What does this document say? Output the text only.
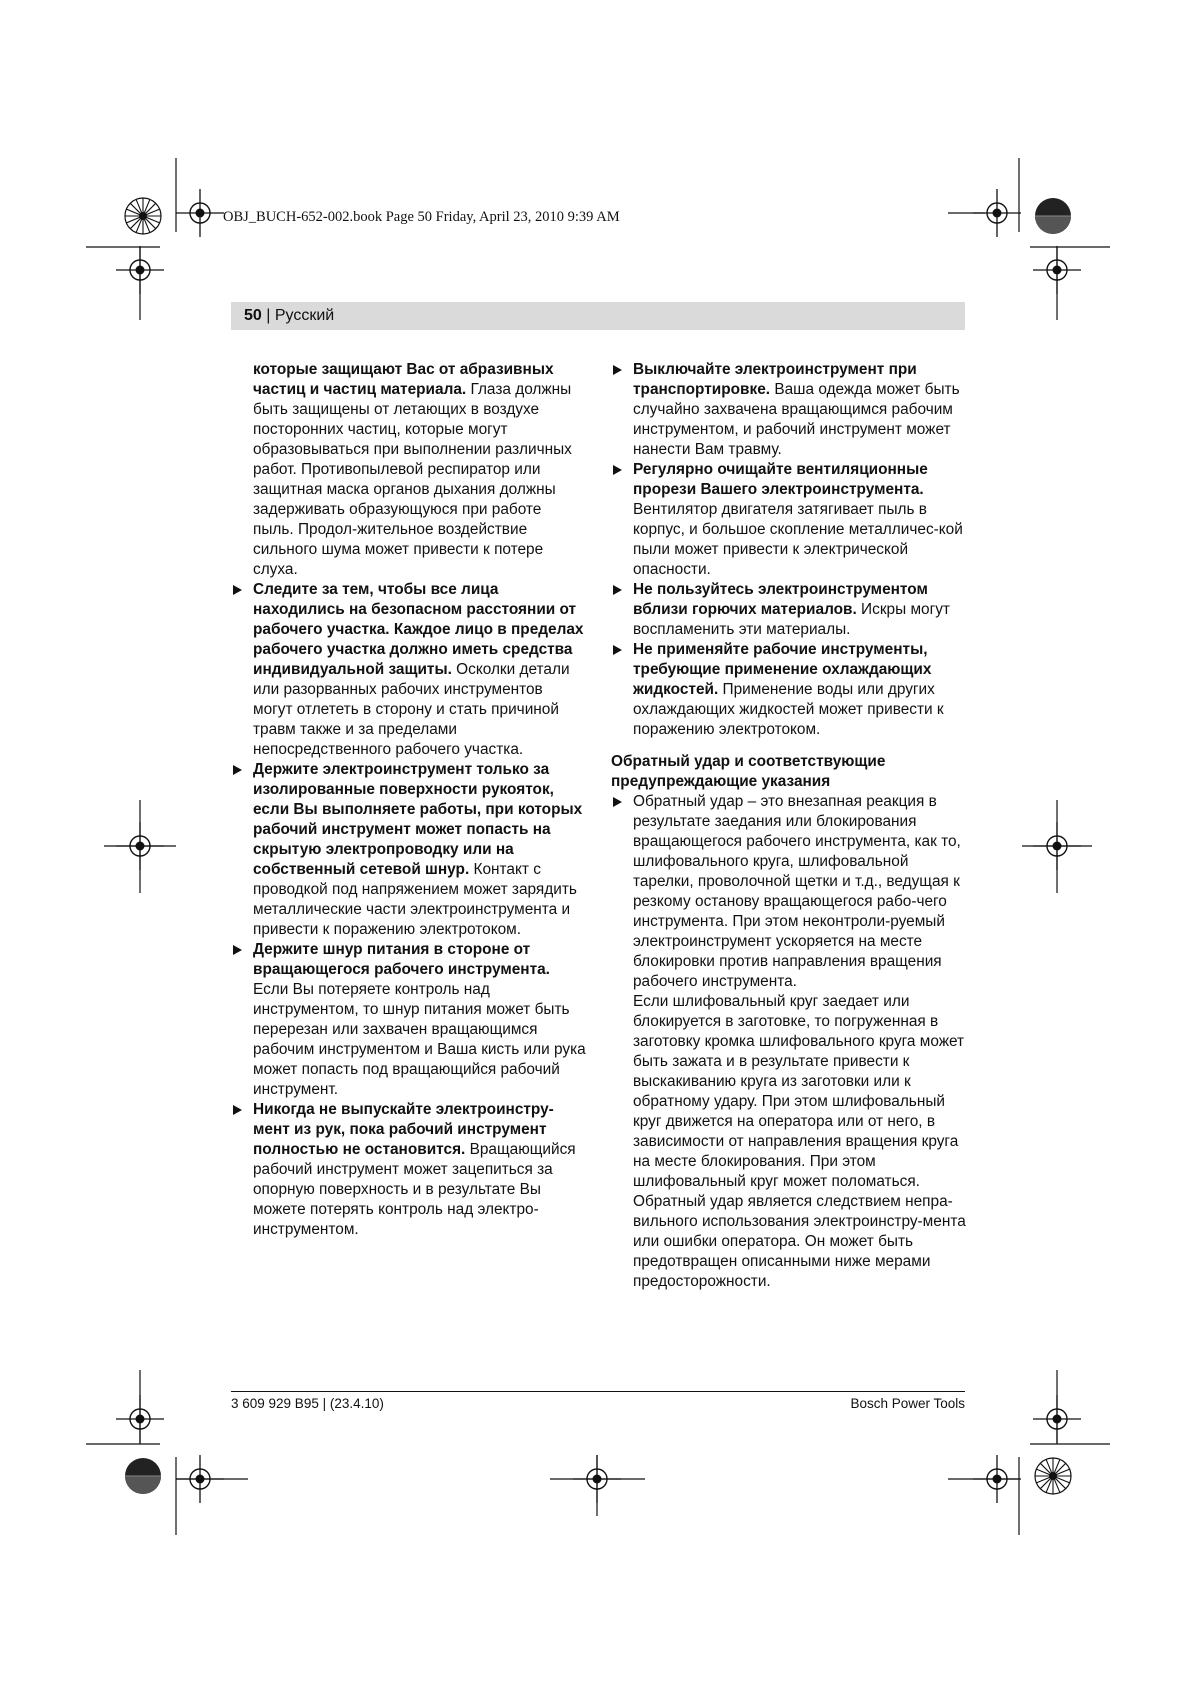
OBJ_BUCH-652-002.book Page 50 Friday, April 23, 2010 9:39 AM
50 | Русский

которые защищают Вас от абразивных частиц и частиц материала. Глаза должны быть защищены от летающих в воздухе посторонних частиц, которые могут образовываться при выполнении различных работ. Противопылевой респиратор или защитная маска органов дыхания должны задерживать образующуюся при работе пыль. Продол-жительное воздействие сильного шума может привести к потере слуха.

Следите за тем, чтобы все лица находились на безопасном расстоянии от рабочего участка. Каждое лицо в пределах рабочего участка должно иметь средства индивидуальной защиты. Осколки детали или разорванных рабочих инструментов могут отлететь в сторону и стать причиной травм также и за пределами непосредственного рабочего участка.

Держите электроинструмент только за изолированные поверхности рукояток, если Вы выполняете работы, при которых рабочий инструмент может попасть на скрытую электропроводку или на собственный сетевой шнур. Контакт с проводкой под напряжением может зарядить металлические части электроинструмента и привести к поражению электротоком.

Держите шнур питания в стороне от вращающегося рабочего инструмента. Если Вы потеряете контроль над инструментом, то шнур питания может быть перерезан или захвачен вращающимся рабочим инструментом и Ваша кисть или рука может попасть под вращающийся рабочий инструмент.

Никогда не выпускайте электроинстру-мент из рук, пока рабочий инструмент полностью не остановится. Вращающийся рабочий инструмент может зацепиться за опорную поверхность и в результате Вы можете потерять контроль над электро-инструментом.

Выключайте электроинструмент при транспортировке. Ваша одежда может быть случайно захвачена вращающимся рабочим инструментом, и рабочий инструмент может нанести Вам травму.

Регулярно очищайте вентиляционные прорези Вашего электроинструмента. Вентилятор двигателя затягивает пыль в корпус, и большое скопление металличес-кой пыли может привести к электрической опасности.

Не пользуйтесь электроинструментом вблизи горючих материалов. Искры могут воспламенить эти материалы.

Не применяйте рабочие инструменты, требующие применение охлаждающих жидкостей. Применение воды или других охлаждающих жидкостей может привести к поражению электротоком.

Обратный удар и соответствующие предупреждающие указания

Обратный удар – это внезапная реакция в результате заедания или блокирования вращающегося рабочего инструмента, как то, шлифовального круга, шлифовальной тарелки, проволочной щетки и т.д., ведущая к резкому останову вращающегося рабо-чего инструмента. При этом неконтроли-руемый электроинструмент ускоряется на месте блокировки против направления вращения рабочего инструмента.

Если шлифовальный круг заедает или блокируется в заготовке, то погруженная в заготовку кромка шлифовального круга может быть зажата и в результате привести к выскакиванию круга из заготовки или к обратному удару. При этом шлифовальный круг движется на оператора или от него, в зависимости от направления вращения круга на месте блокирования. При этом шлифовальный круг может поломаться. Обратный удар является следствием непра-вильного использования электроинстру-мента или ошибки оператора. Он может быть предотвращен описанными ниже мерами предосторожности.

3 609 929 B95 | (23.4.10)	Bosch Power Tools
